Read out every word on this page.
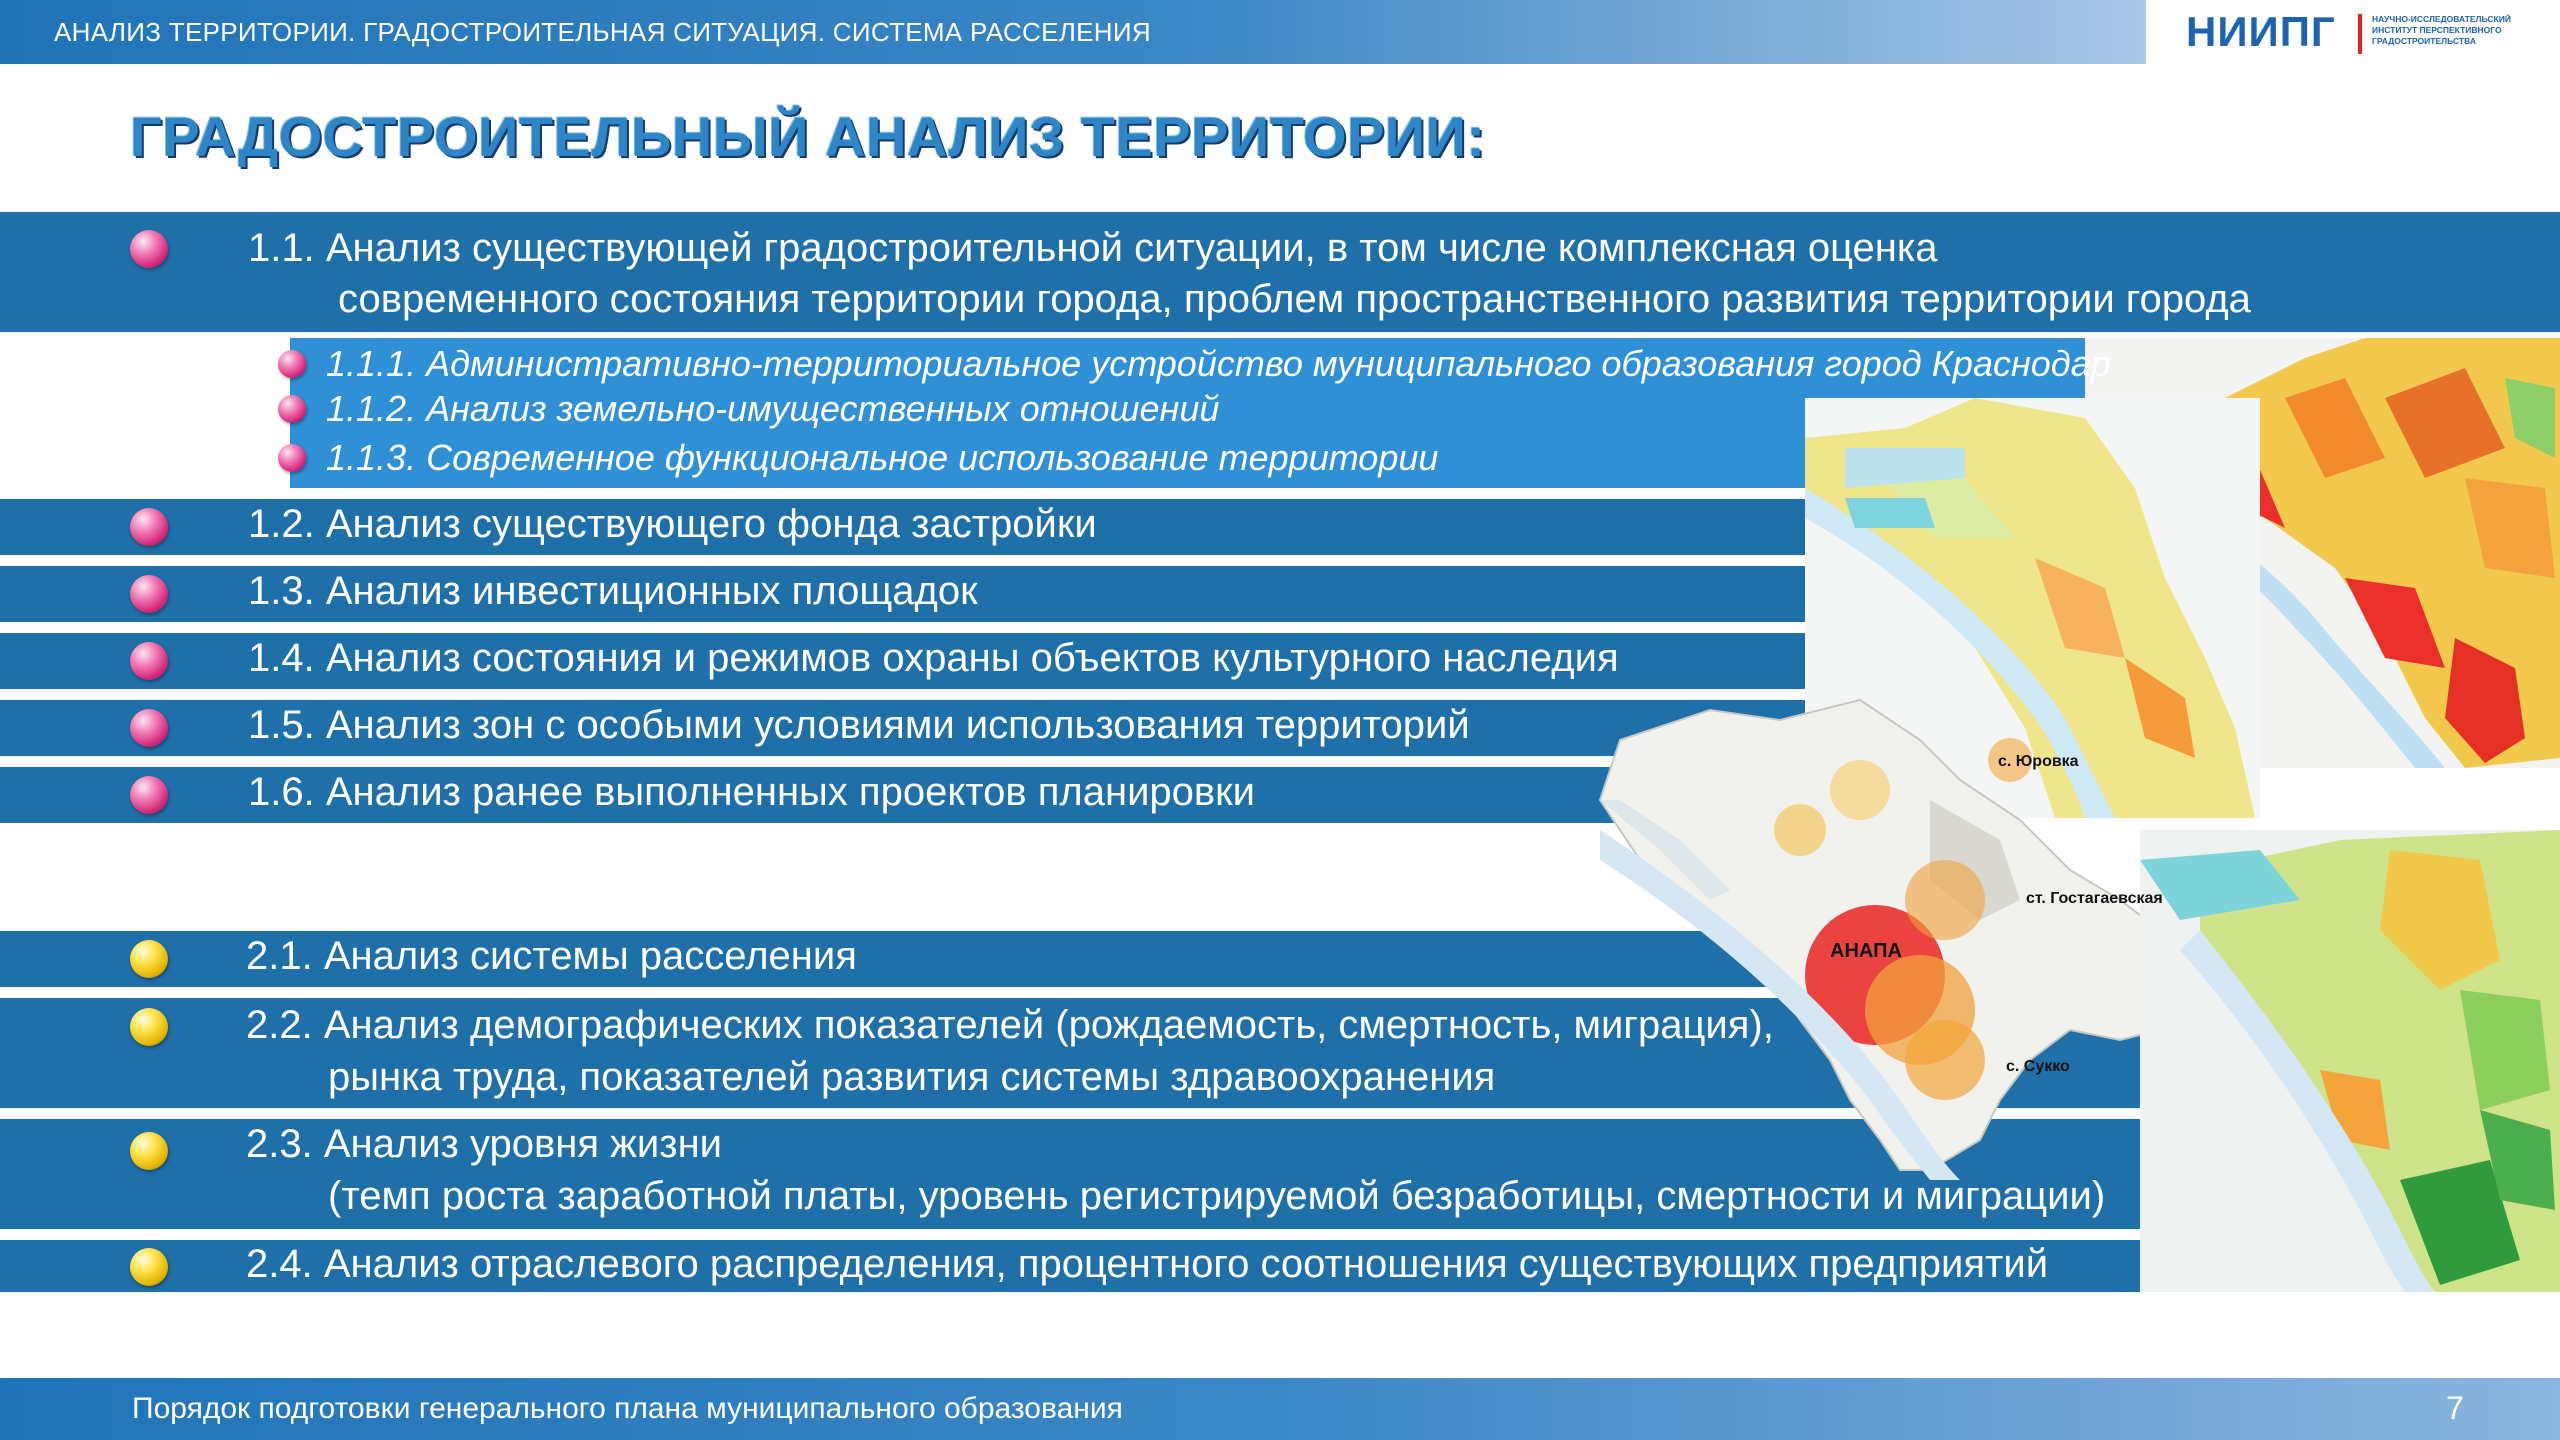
АНАЛИЗ ТЕРРИТОРИИ. ГРАДОСТРОИТЕЛЬНАЯ СИТУАЦИЯ. СИСТЕМА РАССЕЛЕНИЯ	НИИПГ	НАУЧНО-ИССЛЕДОВАТЕЛЬСКИЙ ИНСТИТУТ ПЕРСПЕКТИВНОГО ГРАДОСТРОИТЕЛЬСТВА
ГРАДОСТРОИТЕЛЬНЫЙ АНАЛИЗ ТЕРРИТОРИИ:
с. Юровка
ст. Гостагаевская
АНАПА
с. Сукко
1.1. Анализ существующей градостроительной ситуации, в том числе комплексная оценка
современного состояния территории города, проблем пространственного развития территории города
1.1.1. Административно-территориальное устройство муниципального образования город Краснодар
1.1.2. Анализ земельно-имущественных отношений
1.1.3. Современное функциональное использование территории
1.2. Анализ существующего фонда застройки
1.3. Анализ инвестиционных площадок
1.4. Анализ состояния и режимов охраны объектов культурного наследия
1.5. Анализ зон с особыми условиями использования территорий
1.6. Анализ ранее выполненных проектов планировки
2.1. Анализ системы расселения
2.2. Анализ демографических показателей (рождаемость, смертность, миграция),
рынка труда, показателей развития системы здравоохранения
2.3. Анализ уровня жизни
(темп роста заработной платы, уровень регистрируемой безработицы, смертности и миграции)
2.4. Анализ отраслевого распределения, процентного соотношения существующих предприятий
Порядок подготовки генерального плана муниципального образования	7
